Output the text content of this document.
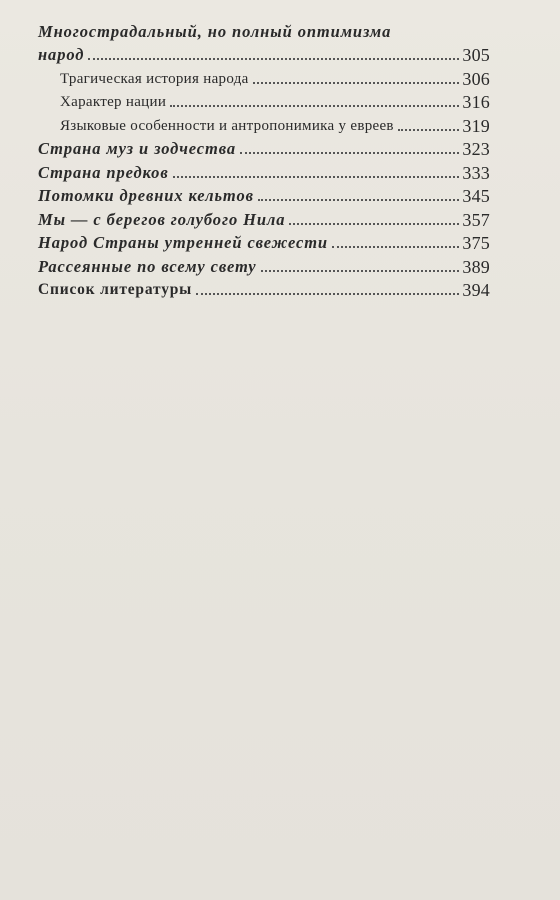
Многострадальный, но полный оптимизма
народ	305
Трагическая история народа	306
Характер нации	316
Языковые особенности и антропонимика у евреев	319
Страна муз и зодчества	323
Страна предков	333
Потомки древних кельтов	345
Мы — с берегов голубого Нила	357
Народ Страны утренней свежести	375
Рассеянные по всему свету	389
Список литературы	394
